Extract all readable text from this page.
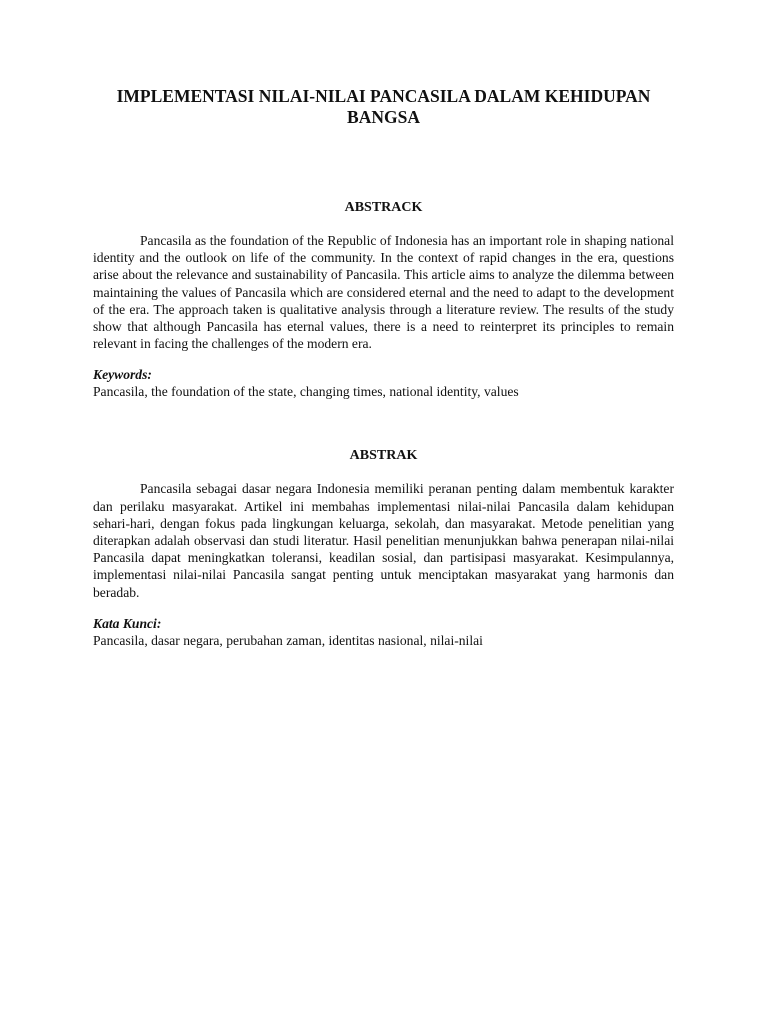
IMPLEMENTASI NILAI-NILAI PANCASILA DALAM KEHIDUPAN BANGSA
ABSTRACK

Pancasila as the foundation of the Republic of Indonesia has an important role in shaping national identity and the outlook on life of the community. In the context of rapid changes in the era, questions arise about the relevance and sustainability of Pancasila. This article aims to analyze the dilemma between maintaining the values of Pancasila which are considered eternal and the need to adapt to the development of the era. The approach taken is qualitative analysis through a literature review. The results of the study show that although Pancasila has eternal values, there is a need to reinterpret its principles to remain relevant in facing the challenges of the modern era.

Keywords:

Pancasila, the foundation of the state, changing times, national identity, values

ABSTRAK

Pancasila sebagai dasar negara Indonesia memiliki peranan penting dalam membentuk karakter dan perilaku masyarakat. Artikel ini membahas implementasi nilai-nilai Pancasila dalam kehidupan sehari-hari, dengan fokus pada lingkungan keluarga, sekolah, dan masyarakat. Metode penelitian yang diterapkan adalah observasi dan studi literatur. Hasil penelitian menunjukkan bahwa penerapan nilai-nilai Pancasila dapat meningkatkan toleransi, keadilan sosial, dan partisipasi masyarakat. Kesimpulannya, implementasi nilai-nilai Pancasila sangat penting untuk menciptakan masyarakat yang harmonis dan beradab.

Kata Kunci:

Pancasila, dasar negara, perubahan zaman, identitas nasional, nilai-nilai
